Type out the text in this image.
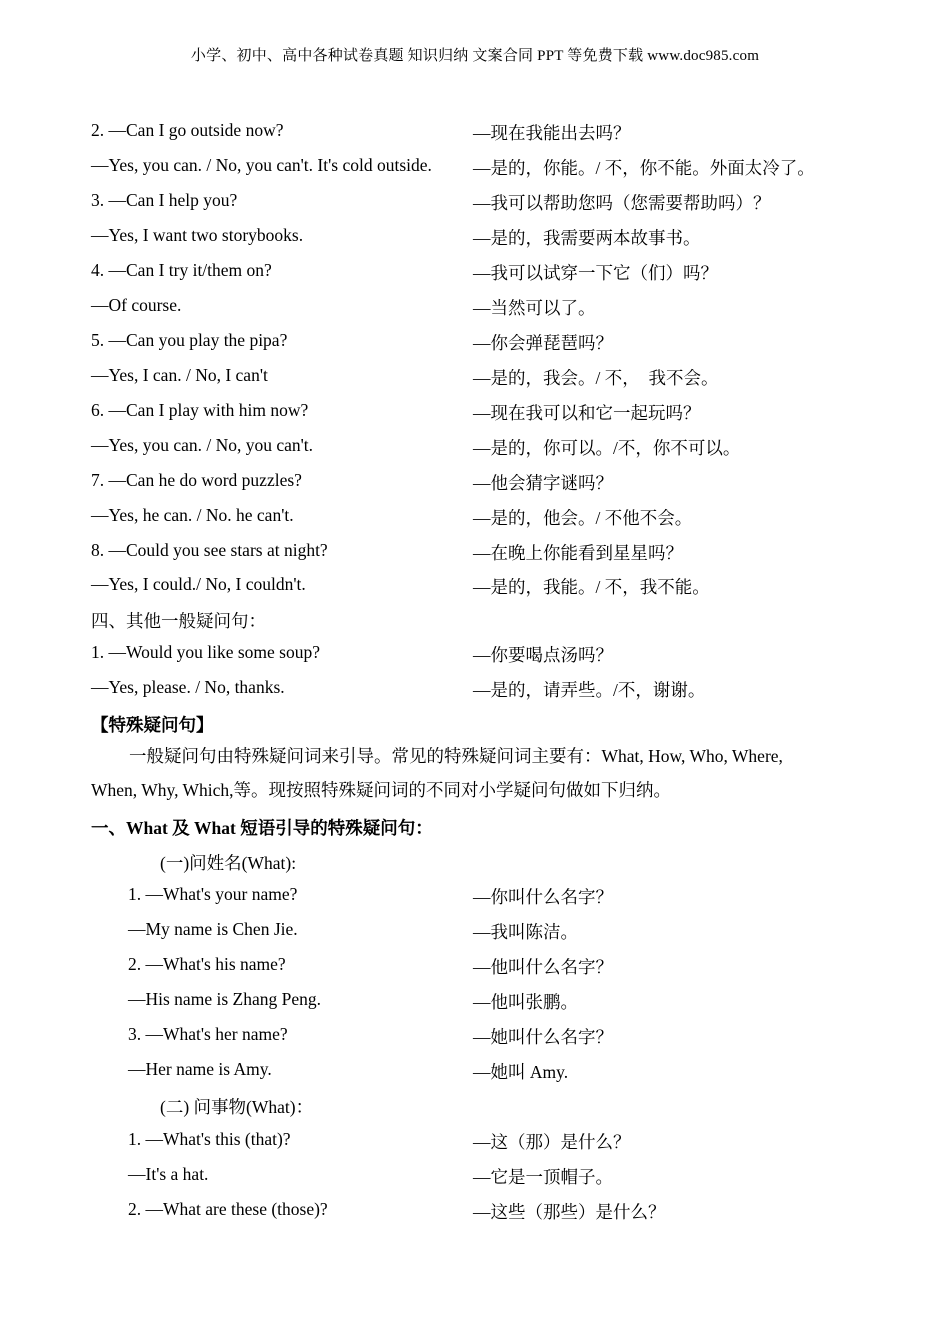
小学、初中、高中各种试卷真题 知识归纳 文案合同 PPT 等免费下载 www.doc985.com
2. —Can I go outside now?	—现在我能出去吗？
—Yes, you can. / No, you can't. It's cold outside. —是的，你能。/ 不，你不能。外面太冷了。
3. —Can I help you?	—我可以帮助您吗（您需要帮助吗）？
—Yes, I want two storybooks.	—是的，我需要两本故事书。
4. —Can I try it/them on?	—我可以试穿一下它（们）吗？
—Of course.	—当然可以了。
5. —Can you play the pipa?	—你会弹琵琶吗？
—Yes, I can. / No, I can't	—是的，我会。/ 不，  我不会。
6. —Can I play with him now?	—现在我可以和它一起玩吗？
—Yes, you can. / No, you can't.	—是的，你可以。/不，你不可以。
7. —Can he do word puzzles?	—他会猜字谜吗？
—Yes, he can. / No. he can't.	—是的，他会。/ 不他不会。
8. —Could you see stars at night?	—在晚上你能看到星星吗？
—Yes, I could./ No, I couldn't.	—是的，我能。/ 不，我不能。
四、其他一般疑问句：
1. —Would you like some soup?	—你要喝点汤吗？
—Yes, please. / No, thanks.	—是的，请弄些。/不，谢谢。
【特殊疑问句】
一般疑问句由特殊疑问词来引导。常见的特殊疑问词主要有：What, How, Who, Where,
When, Why, Which,等。现按照特殊疑问词的不同对小学疑问句做如下归纳。
一、What 及 What 短语引导的特殊疑问句：
(一)问姓名(What):
1. —What's your name?	—你叫什么名字？
—My name is Chen Jie.	—我叫陈洁。
2. —What's his name?	—他叫什么名字？
—His name is Zhang Peng.	—他叫张鹏。
3. —What's her name?	—她叫什么名字？
—Her name is Amy.	—她叫 Amy.
(二) 问事物(What)：
1. —What's this (that)?	—这（那）是什么？
—It's a hat.	—它是一顶帽子。
2. —What are these (those)?	—这些（那些）是什么？
